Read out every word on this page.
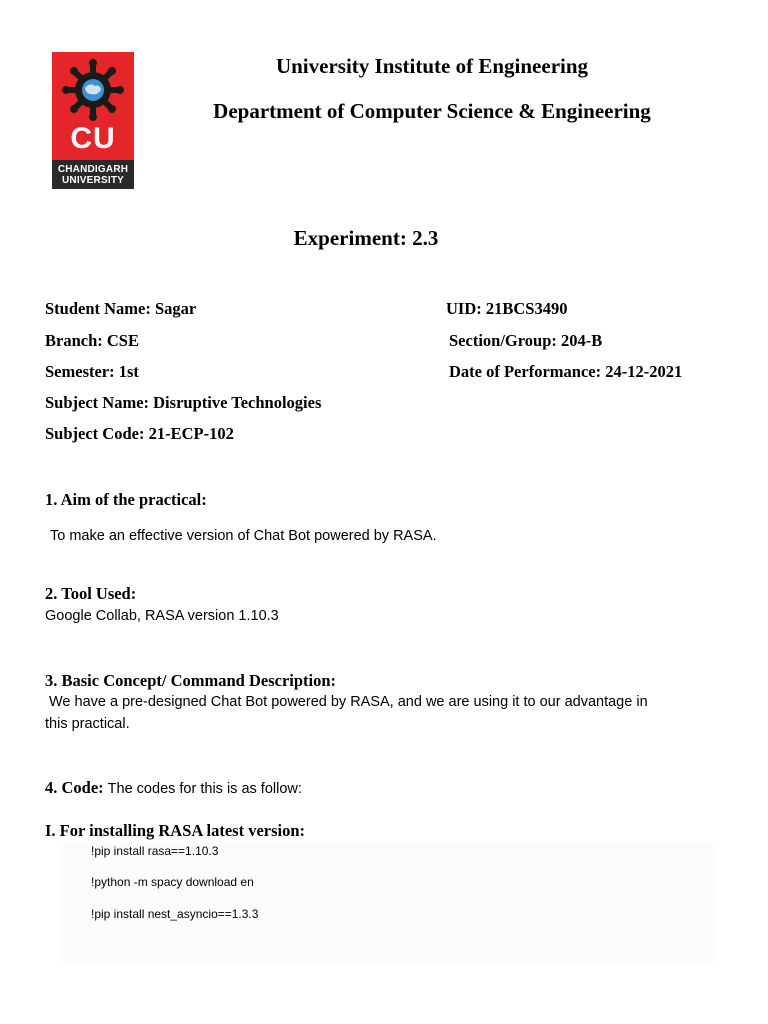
CU
CHANDIGARH
UNIVERSITY
University Institute of Engineering
Department of Computer Science & Engineering
Experiment: 2.3
Student Name: Sagar	UID: 21BCS3490
Branch: CSE	Section/Group: 204-B
Semester: 1st	Date of Performance: 24-12-2021
Subject Name: Disruptive Technologies
Subject Code: 21-ECP-102
1. Aim of the practical:
To make an effective version of Chat Bot powered by RASA.
2. Tool Used:
Google Collab, RASA version 1.10.3
3. Basic Concept/ Command Description:
We have a pre-designed Chat Bot powered by RASA, and we are using it to our advantage in
this practical.
4. Code: The codes for this is as follow:
I. For installing RASA latest version:
!pip install rasa==1.10.3
!python -m spacy download en
!pip install nest_asyncio==1.3.3
